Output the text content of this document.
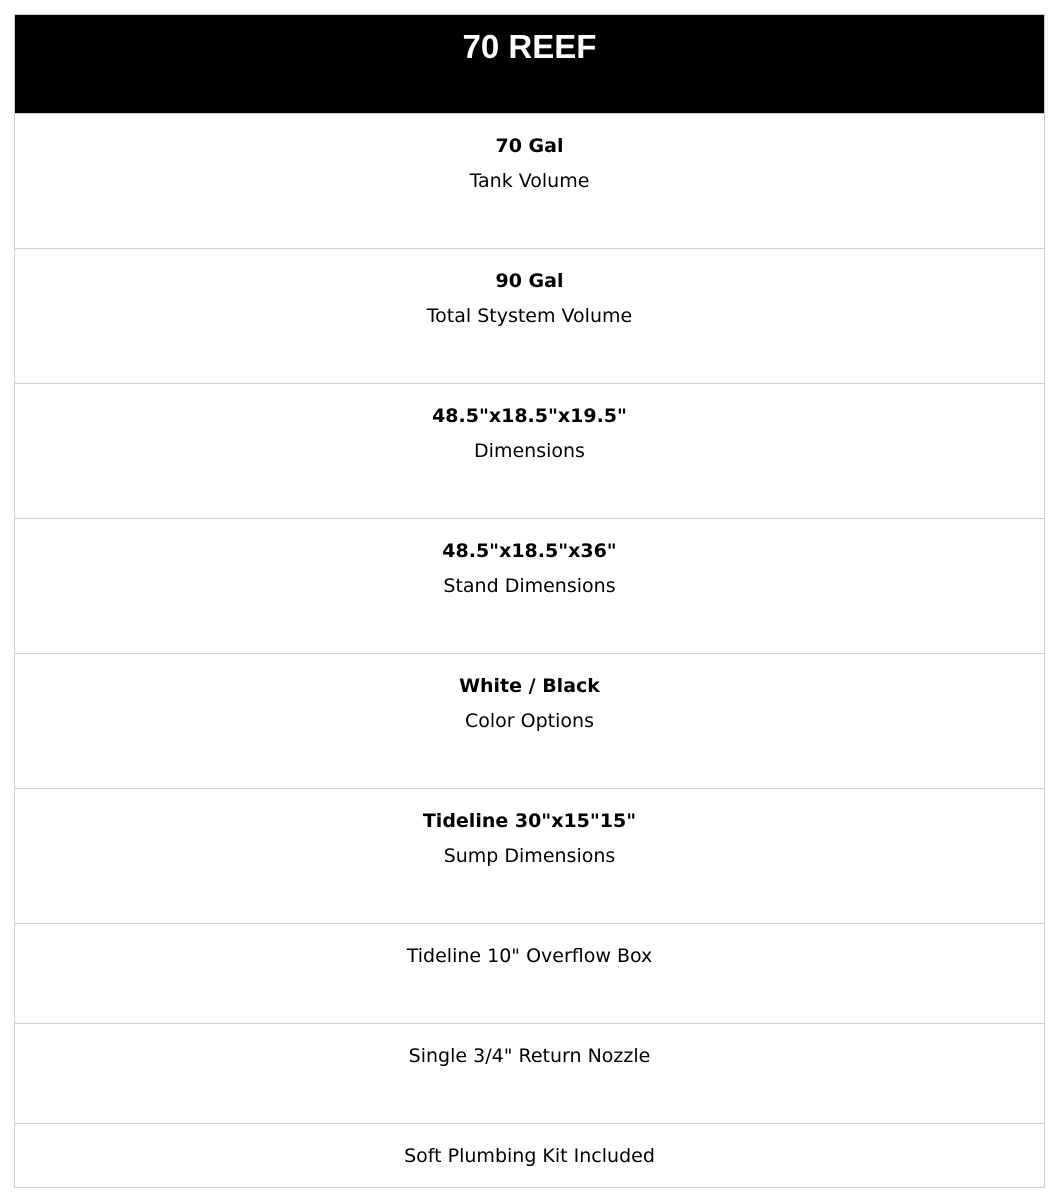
70 REEF
70 Gal
Tank Volume
90 Gal
Total Stystem Volume
48.5"x18.5"x19.5"
Dimensions
48.5"x18.5"x36"
Stand Dimensions
White / Black
Color Options
Tideline 30"x15"15"
Sump Dimensions
Tideline 10" Overflow Box
Single 3/4" Return Nozzle
Soft Plumbing Kit Included
